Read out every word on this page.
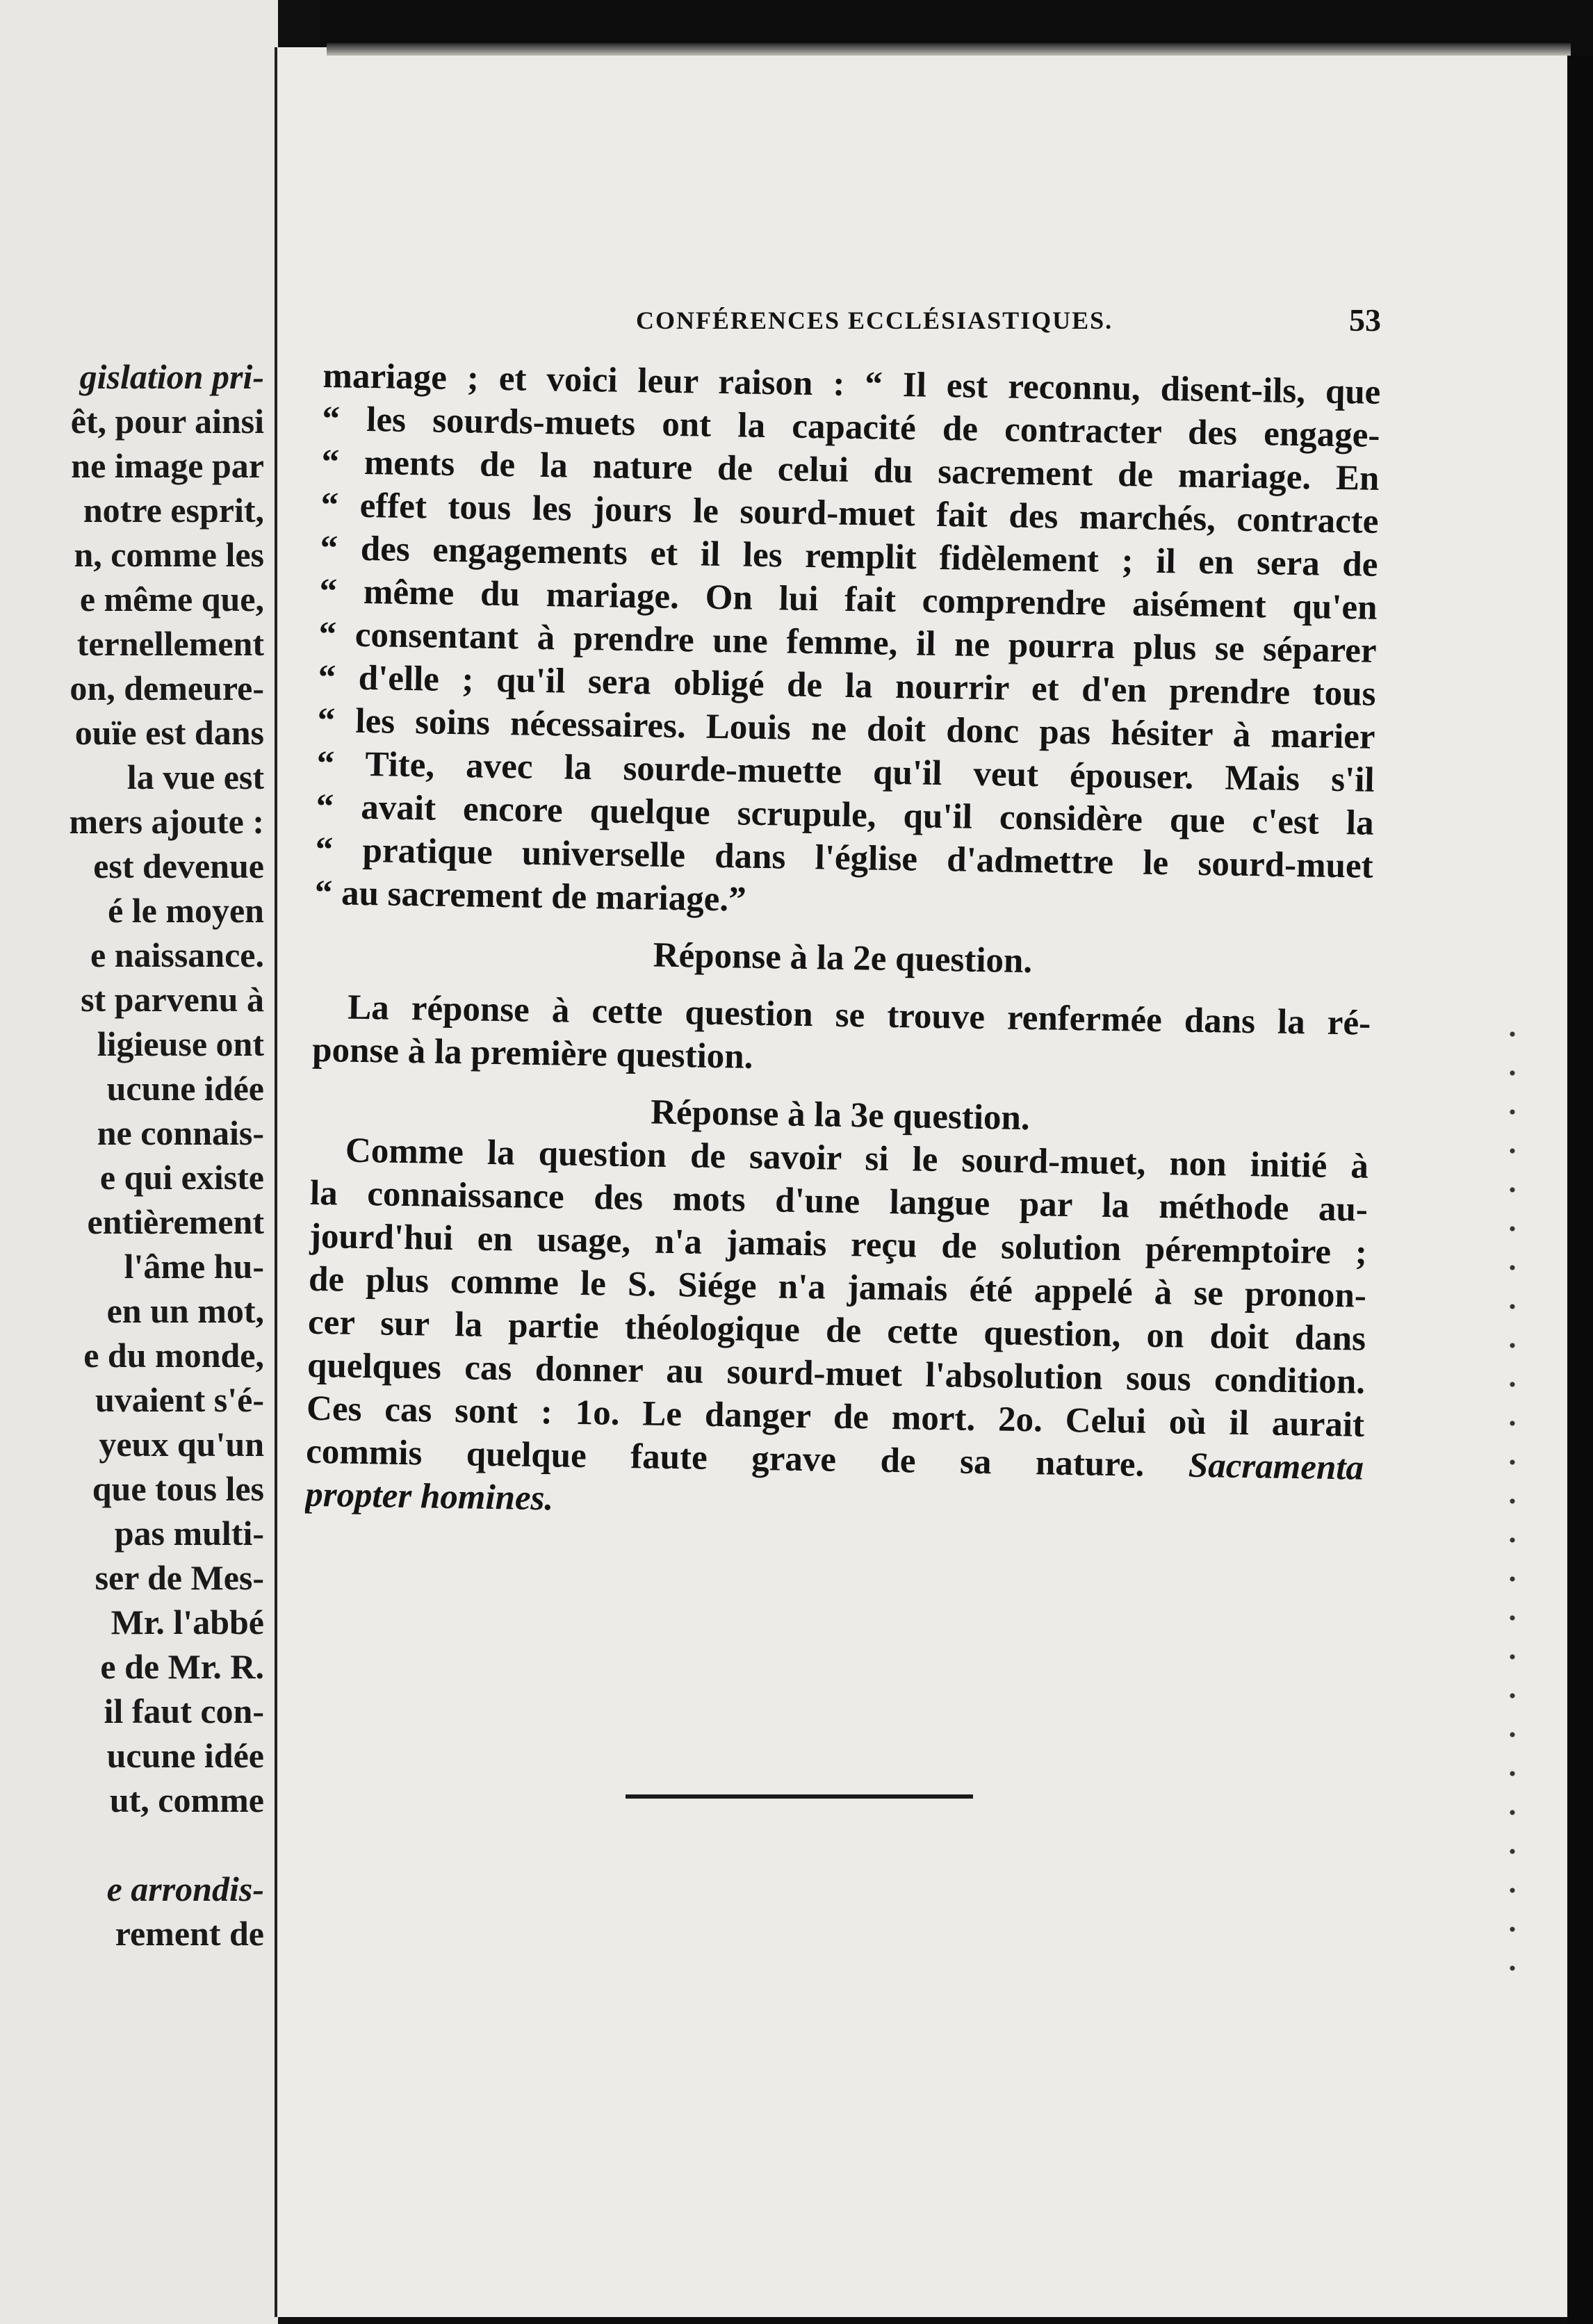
gislation pri-
êt, pour ainsi
ne image par
notre esprit,
n, comme les
e même que,
ternellement
on, demeure-
ouïe est dans
la vue est
mers ajoute :
est devenue
é le moyen
e naissance.
st parvenu à
ligieuse ont
ucune idée
ne connais-
e qui existe
entièrement
l'âme hu-
en un mot,
e du monde,
uvaient s'é-
yeux qu'un
que tous les
pas multi-
ser de Mes-
Mr. l'abbé
e de Mr. R.
il faut con-
ucune idée
ut, comme
e arrondis-
rement de
CONFÉRENCES ECCLÉSIASTIQUES.	53
mariage ; et voici leur raison : “ Il est reconnu, disent-ils, que
“ les sourds-muets ont la capacité de contracter des engage-
“ ments de la nature de celui du sacrement de mariage. En
“ effet tous les jours le sourd-muet fait des marchés, contracte
“ des engagements et il les remplit fidèlement ; il en sera de
“ même du mariage. On lui fait comprendre aisément qu'en
“ consentant à prendre une femme, il ne pourra plus se séparer
“ d'elle ; qu'il sera obligé de la nourrir et d'en prendre tous
“ les soins nécessaires. Louis ne doit donc pas hésiter à marier
“ Tite, avec la sourde-muette qu'il veut épouser. Mais s'il
“ avait encore quelque scrupule, qu'il considère que c'est la
“ pratique universelle dans l'église d'admettre le sourd-muet
“ au sacrement de mariage.”
Réponse à la 2e question.
La réponse à cette question se trouve renfermée dans la ré-
ponse à la première question.
Réponse à la 3e question.
Comme la question de savoir si le sourd-muet, non initié à
la connaissance des mots d'une langue par la méthode au-
jourd'hui en usage, n'a jamais reçu de solution péremptoire ;
de plus comme le S. Siége n'a jamais été appelé à se pronon-
cer sur la partie théologique de cette question, on doit dans
quelques cas donner au sourd-muet l'absolution sous condition.
Ces cas sont : 1o. Le danger de mort. 2o. Celui où il aurait
commis quelque faute grave de sa nature. Sacramenta
propter homines.
